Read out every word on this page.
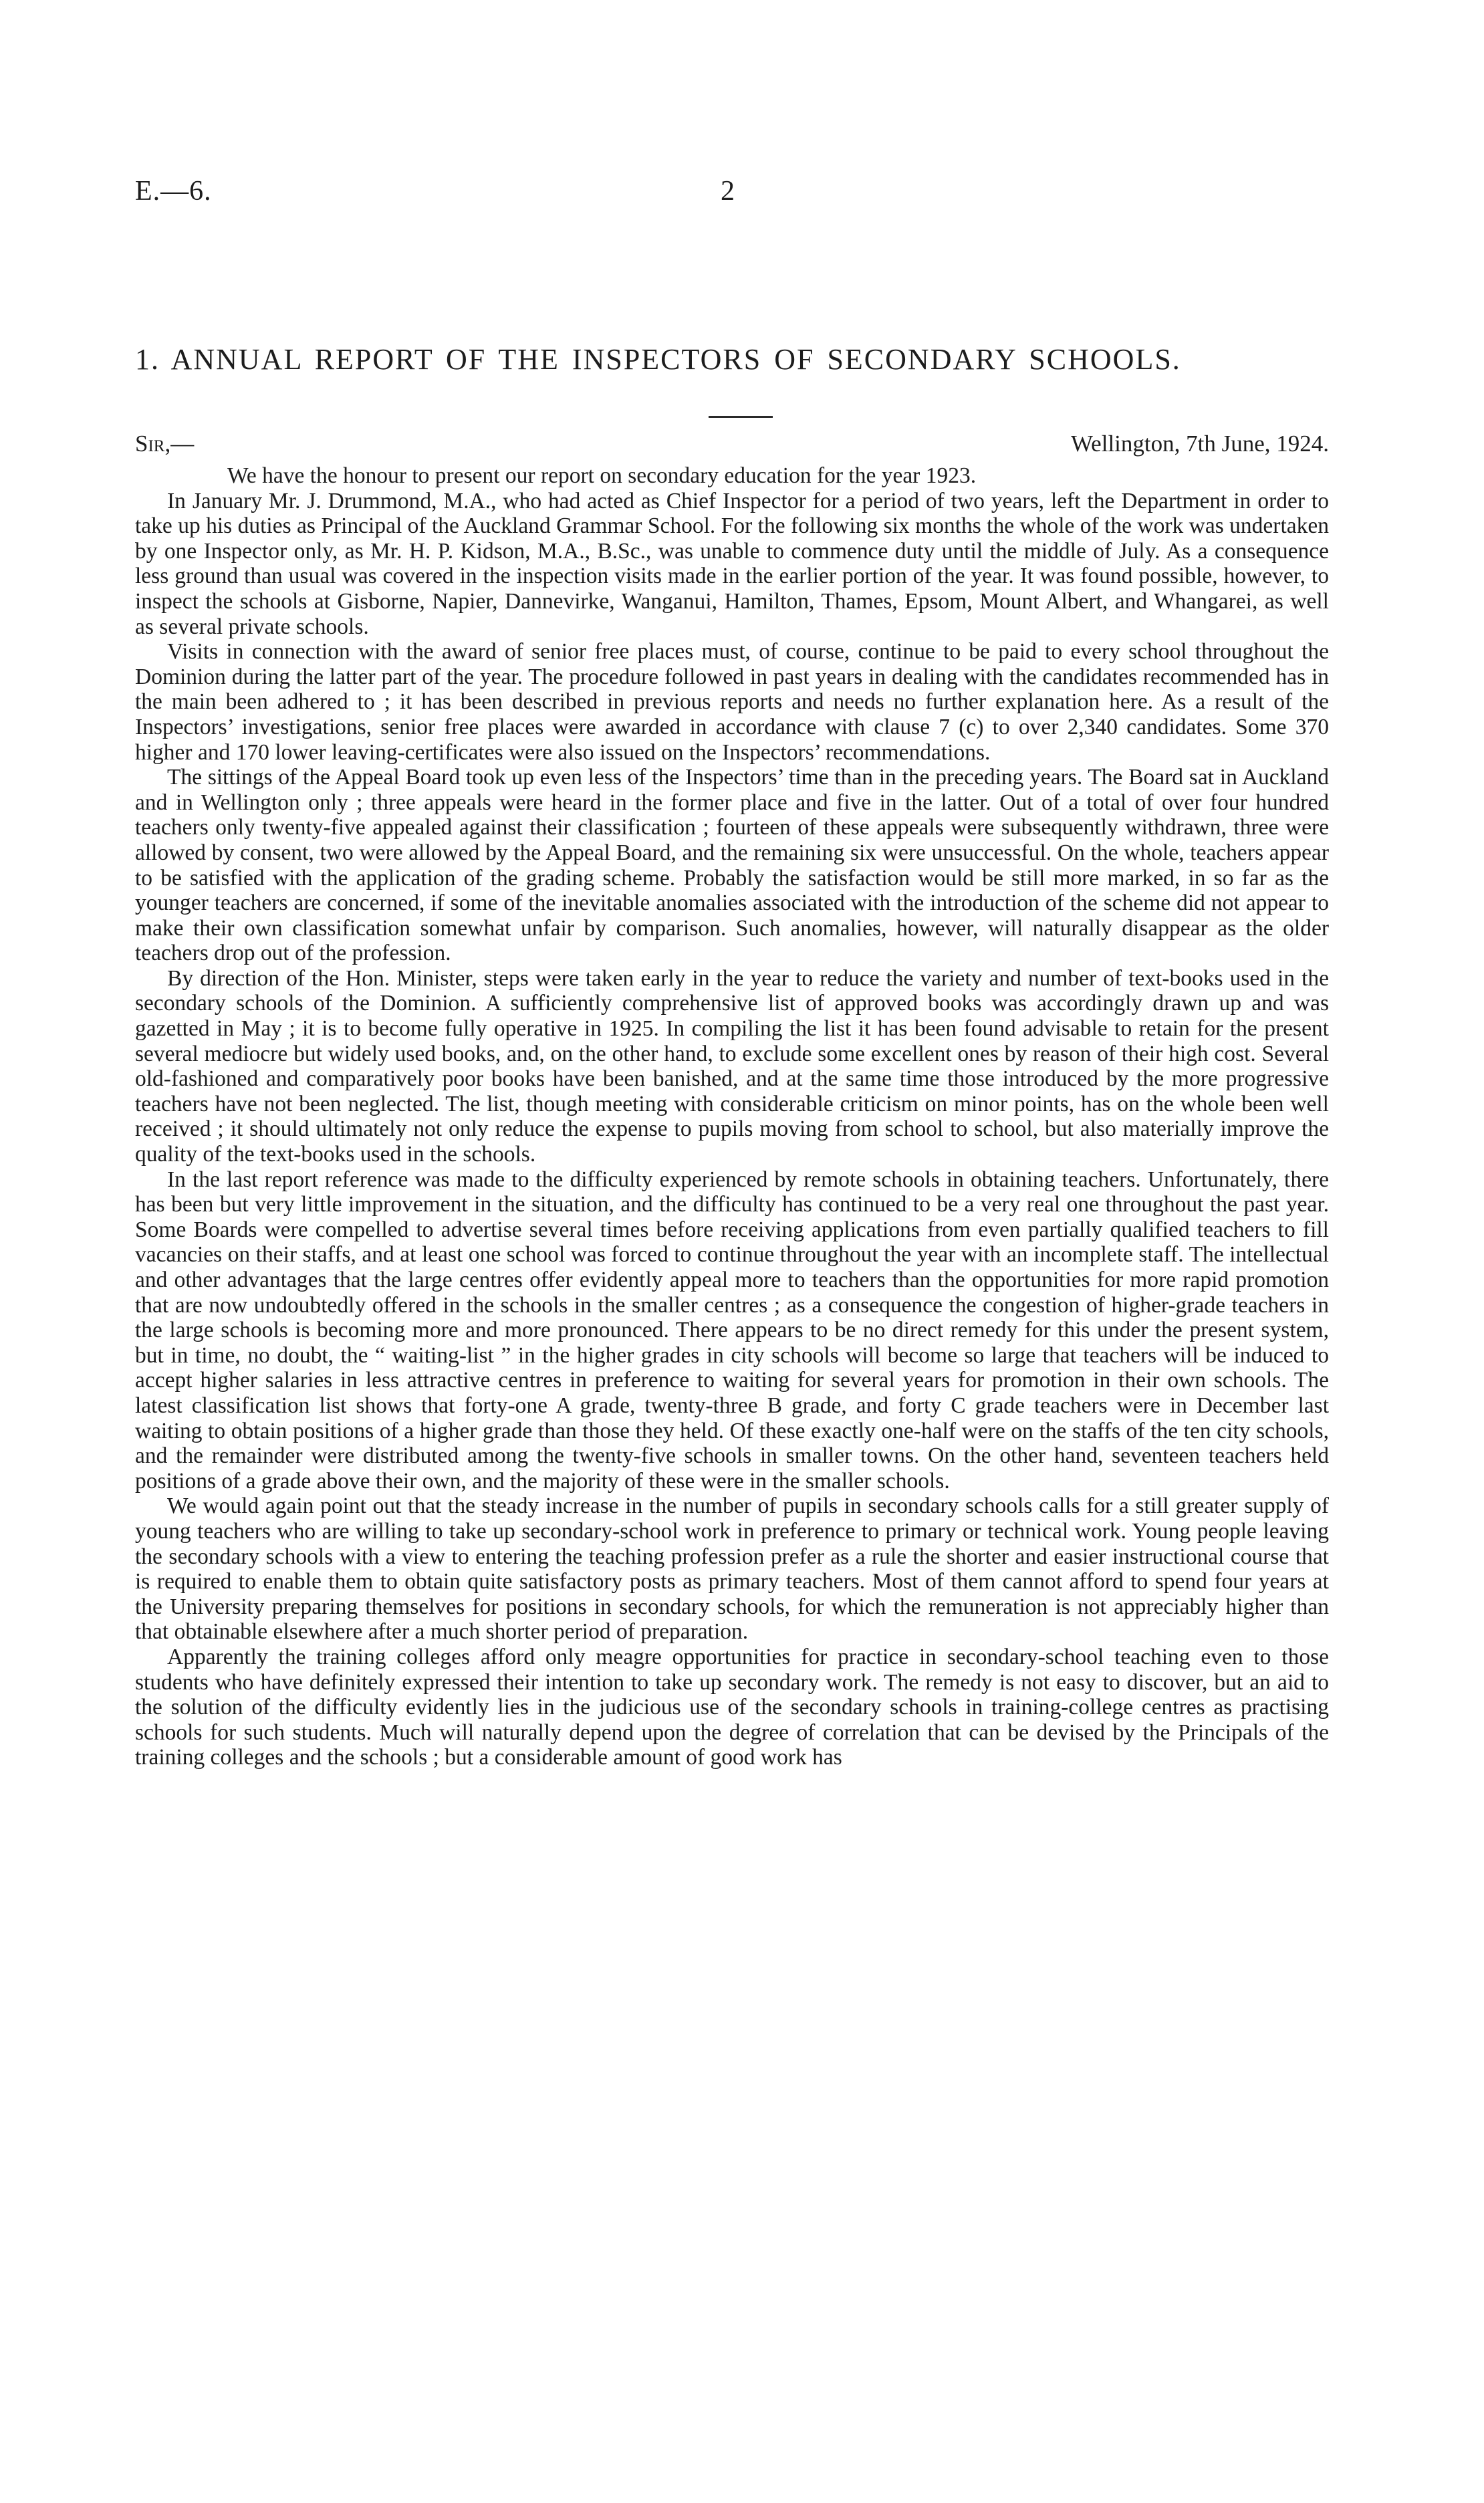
E.—6.	2
1. ANNUAL REPORT OF THE INSPECTORS OF SECONDARY SCHOOLS.
Sir,—	Wellington, 7th June, 1924.

We have the honour to present our report on secondary education for the year 1923.

In January Mr. J. Drummond, M.A., who had acted as Chief Inspector for a period of two years, left the Department in order to take up his duties as Principal of the Auckland Grammar School. For the following six months the whole of the work was undertaken by one Inspector only, as Mr. H. P. Kidson, M.A., B.Sc., was unable to commence duty until the middle of July. As a consequence less ground than usual was covered in the inspection visits made in the earlier portion of the year. It was found possible, however, to inspect the schools at Gisborne, Napier, Dannevirke, Wanganui, Hamilton, Thames, Epsom, Mount Albert, and Whangarei, as well as several private schools.

Visits in connection with the award of senior free places must, of course, continue to be paid to every school throughout the Dominion during the latter part of the year. The procedure followed in past years in dealing with the candidates recommended has in the main been adhered to ; it has been described in previous reports and needs no further explanation here. As a result of the Inspectors’ investigations, senior free places were awarded in accordance with clause 7 (c) to over 2,340 candidates. Some 370 higher and 170 lower leaving-certificates were also issued on the Inspectors’ recommendations.

The sittings of the Appeal Board took up even less of the Inspectors’ time than in the preceding years. The Board sat in Auckland and in Wellington only ; three appeals were heard in the former place and five in the latter. Out of a total of over four hundred teachers only twenty-five appealed against their classification ; fourteen of these appeals were subsequently withdrawn, three were allowed by consent, two were allowed by the Appeal Board, and the remaining six were unsuccessful. On the whole, teachers appear to be satisfied with the application of the grading scheme. Probably the satisfaction would be still more marked, in so far as the younger teachers are concerned, if some of the inevitable anomalies associated with the introduction of the scheme did not appear to make their own classification somewhat unfair by comparison. Such anomalies, however, will naturally disappear as the older teachers drop out of the profession.

By direction of the Hon. Minister, steps were taken early in the year to reduce the variety and number of text-books used in the secondary schools of the Dominion. A sufficiently comprehensive list of approved books was accordingly drawn up and was gazetted in May ; it is to become fully operative in 1925. In compiling the list it has been found advisable to retain for the present several mediocre but widely used books, and, on the other hand, to exclude some excellent ones by reason of their high cost. Several old-fashioned and comparatively poor books have been banished, and at the same time those introduced by the more progressive teachers have not been neglected. The list, though meeting with considerable criticism on minor points, has on the whole been well received ; it should ultimately not only reduce the expense to pupils moving from school to school, but also materially improve the quality of the text-books used in the schools.

In the last report reference was made to the difficulty experienced by remote schools in obtaining teachers. Unfortunately, there has been but very little improvement in the situation, and the difficulty has continued to be a very real one throughout the past year. Some Boards were compelled to advertise several times before receiving applications from even partially qualified teachers to fill vacancies on their staffs, and at least one school was forced to continue throughout the year with an incomplete staff. The intellectual and other advantages that the large centres offer evidently appeal more to teachers than the opportunities for more rapid promotion that are now undoubtedly offered in the schools in the smaller centres ; as a consequence the congestion of higher-grade teachers in the large schools is becoming more and more pronounced. There appears to be no direct remedy for this under the present system, but in time, no doubt, the “ waiting-list ” in the higher grades in city schools will become so large that teachers will be induced to accept higher salaries in less attractive centres in preference to waiting for several years for promotion in their own schools. The latest classification list shows that forty-one A grade, twenty-three B grade, and forty C grade teachers were in December last waiting to obtain positions of a higher grade than those they held. Of these exactly one-half were on the staffs of the ten city schools, and the remainder were distributed among the twenty-five schools in smaller towns. On the other hand, seventeen teachers held positions of a grade above their own, and the majority of these were in the smaller schools.

We would again point out that the steady increase in the number of pupils in secondary schools calls for a still greater supply of young teachers who are willing to take up secondary-school work in preference to primary or technical work. Young people leaving the secondary schools with a view to entering the teaching profession prefer as a rule the shorter and easier instructional course that is required to enable them to obtain quite satisfactory posts as primary teachers. Most of them cannot afford to spend four years at the University preparing themselves for positions in secondary schools, for which the remuneration is not appreciably higher than that obtainable elsewhere after a much shorter period of preparation.

Apparently the training colleges afford only meagre opportunities for practice in secondary-school teaching even to those students who have definitely expressed their intention to take up secondary work. The remedy is not easy to discover, but an aid to the solution of the difficulty evidently lies in the judicious use of the secondary schools in training-college centres as practising schools for such students. Much will naturally depend upon the degree of correlation that can be devised by the Principals of the training colleges and the schools ; but a considerable amount of good work has
